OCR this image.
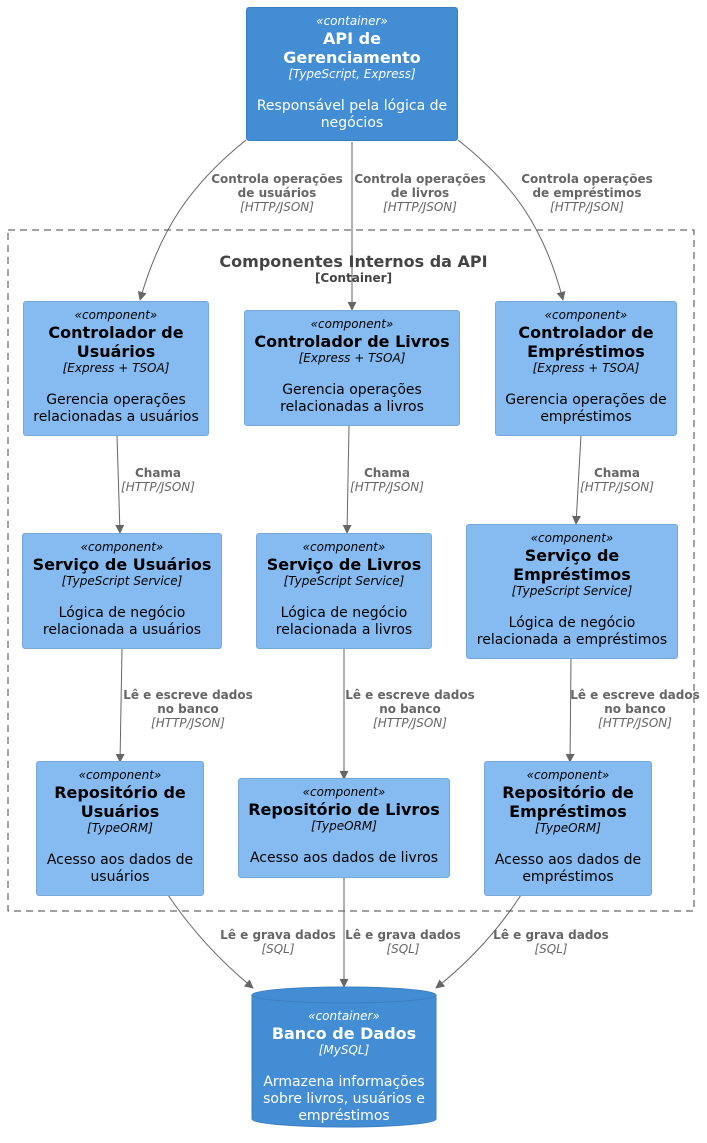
«container»
API de Gerenciamento
[TypeScript, Express]
Responsável pela lógica de negócios
Componentes Internos da API
[Container]
«component»
Controlador de Usuários
[Express + TSOA]
Gerencia operações relacionadas a usuários
«component»
Controlador de Livros
[Express + TSOA]
Gerencia operações relacionadas a livros
«component»
Controlador de Empréstimos
[Express + TSOA]
Gerencia operações de empréstimos
«component»
Serviço de Usuários
[TypeScript Service]
Lógica de negócio relacionada a usuários
«component»
Serviço de Livros
[TypeScript Service]
Lógica de negócio relacionada a livros
«component»
Serviço de Empréstimos
[TypeScript Service]
Lógica de negócio relacionada a empréstimos
«component»
Repositório de Usuários
[TypeORM]
Acesso aos dados de usuários
«component»
Repositório de Livros
[TypeORM]
Acesso aos dados de livros
«component»
Repositório de Empréstimos
[TypeORM]
Acesso aos dados de empréstimos
«container»
Banco de Dados
[MySQL]
Armazena informações sobre livros, usuários e empréstimos
Controla operações de usuários
[HTTP/JSON]
Controla operações de livros
[HTTP/JSON]
Controla operações de empréstimos
[HTTP/JSON]
Chama
[HTTP/JSON]
Chama
[HTTP/JSON]
Chama
[HTTP/JSON]
Lê e escreve dados no banco
[HTTP/JSON]
Lê e escreve dados no banco
[HTTP/JSON]
Lê e escreve dados no banco
[HTTP/JSON]
Lê e grava dados
[SQL]
Lê e grava dados
[SQL]
Lê e grava dados
[SQL]
